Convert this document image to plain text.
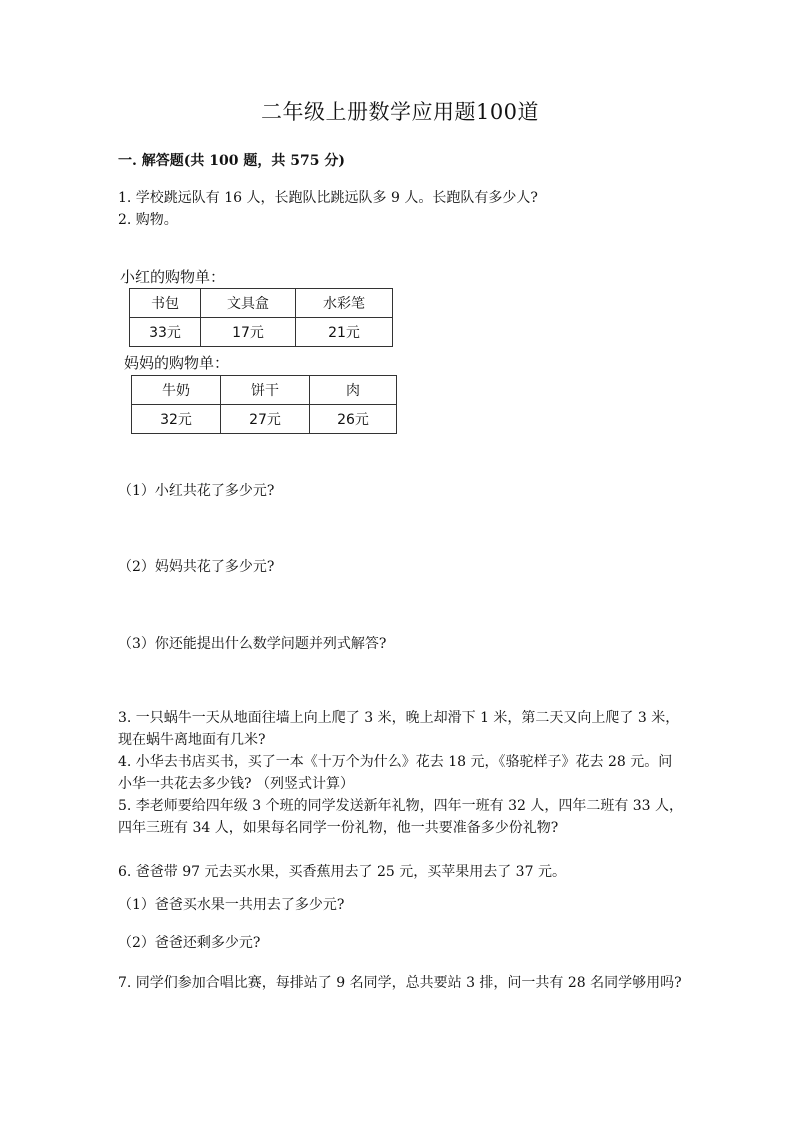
二年级上册数学应用题100道
一. 解答题(共 100 题，共 575 分)
1. 学校跳远队有 16 人，长跑队比跳远队多 9 人。长跑队有多少人?
2. 购物。
小红的购物单：
书包	文具盒	水彩笔
33元	17元	21元
妈妈的购物单：
牛奶	饼干	肉
32元	27元	26元
（1）小红共花了多少元?
（2）妈妈共花了多少元?
（3）你还能提出什么数学问题并列式解答?
3. 一只蜗牛一天从地面往墙上向上爬了 3 米，晚上却滑下 1 米，第二天又向上爬了 3 米，现在蜗牛离地面有几米?
4. 小华去书店买书，买了一本《十万个为什么》花去 18 元，《骆驼样子》花去 28 元。问小华一共花去多少钱? （列竖式计算）
5. 李老师要给四年级 3 个班的同学发送新年礼物，四年一班有 32 人，四年二班有 33 人，四年三班有 34 人，如果每名同学一份礼物，他一共要准备多少份礼物?
6. 爸爸带 97 元去买水果，买香蕉用去了 25 元，买苹果用去了 37 元。
（1）爸爸买水果一共用去了多少元?
（2）爸爸还剩多少元?
7. 同学们参加合唱比赛，每排站了 9 名同学，总共要站 3 排，问一共有 28 名同学够用吗?
